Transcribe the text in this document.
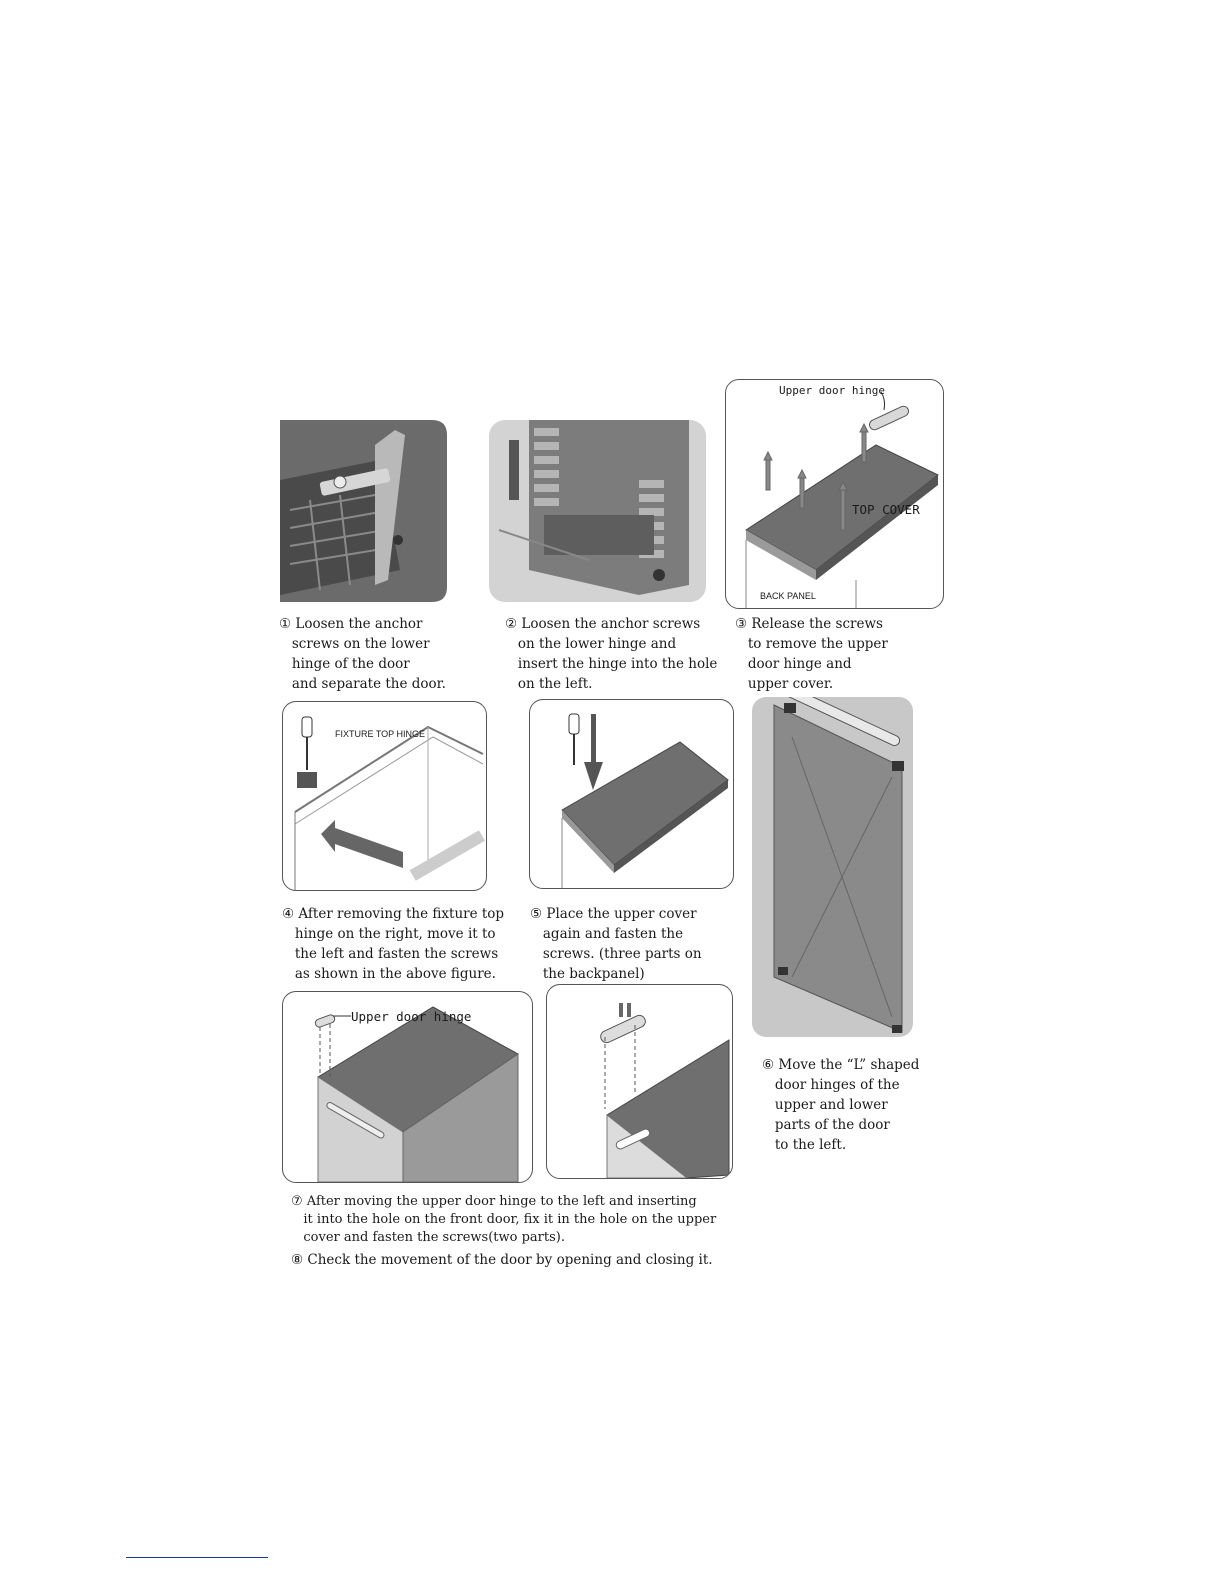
Upper door hinge
TOP COVER
BACK PANEL
① Loosen the anchor
screws on the lower
hinge of the door
and separate the door.
② Loosen the anchor screws
on the lower hinge and
insert the hinge into the hole
on the left.
③ Release the screws
to remove the upper
door hinge and
upper cover.
FIXTURE TOP HINGE
④ After removing the fixture top
hinge on the right, move it to
the left and fasten the screws
as shown in the above figure.
⑤ Place the upper cover
again and fasten the
screws. (three parts on
the backpanel)
Upper door hinge
⑥ Move the “L” shaped
door hinges of the
upper and lower
parts of the door
to the left.
⑦ After moving the upper door hinge to the left and inserting
it into the hole on the front door, fix it in the hole on the upper
cover and fasten the screws(two parts).
⑧ Check the movement of the door by opening and closing it.
